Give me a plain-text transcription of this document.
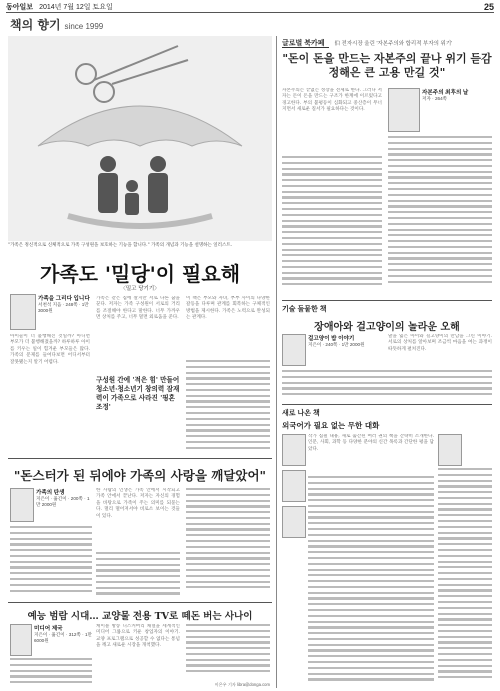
동아일보 2014년 7월 12일 토요일	25
책의 향기 since 1999
"가족은 정신적으로 신체적으로 가족 구성원을 보호하는 기능을 합니다." 가족의 개념과 기능을 설명하는 일러스트.
가족도 '밀당'이 필요해
〈밀고 당기기〉
가족을 그리다 입니다
서천석 지음 · 248쪽 · 1만 3000원
아이들이 더 불행해진 것일까? 아니면 부모가 더 불행해졌을까? 하루하루 아이를 키우는 일이 힘겨운 부모들은 많다. 가족의 문제를 들여다보면 어디서부터 잘못됐는지 알기 어렵다.
가족은 같은 집에 살지만 서로 다른 꿈을 꾼다. 저자는 가족 구성원이 서로의 거리를 조절해야 한다고 말한다. 너무 가까우면 상처를 주고, 너무 멀면 외로움을 준다.
이 책은 부모와 자녀, 부부 사이의 다양한 갈등을 다루며 관계를 회복하는 구체적인 방법을 제시한다. 가족은 노력으로 완성되는 관계다.
구성원 간에 '적은 힘' 만들어 청소년·청소년기 창의력 잠재력이 가족으로 사라진 '핑혼 조정'
"돈스터가 된 뒤에야 가족의 사랑을 깨달았어"
가족의 탄생
지은이 · 옮긴이 · 200쪽 · 1만 2000원
한 사람의 인생은 가족 안에서 시작되고 가족 안에서 끝난다. 저자는 자신의 경험을 바탕으로 가족이 주는 의미를 되묻는다. 멀리 떨어져서야 비로소 보이는 것들이 있다.
예능 범람 시대… 교양물 전용 TV로 떼돈 버는 사나이
미디어 제국
지은이 · 옮긴이 · 312쪽 · 1만 6000원
케이블 방송 디스커버리 채널을 세계적인 미디어 그룹으로 키운 창업자의 이야기. 교양 프로그램으로 성공할 수 없다는 통념을 깨고 새로운 시장을 개척했다.
이은우 기자 libra@donga.com
글로벌 북카페 伯 전자시장 울린 '자본주의와 합리적 부자의 위기'
"돈이 돈을 만드는 자본주의 끝나 위기 듣감 정해은 큰 고용 만길 것"
자본주의는 끝없는 성장을 전제로 한다. 그러나 저자는 돈이 돈을 만드는 구조가 한계에 이르렀다고 경고한다. 부의 불평등이 심화되고 중산층이 무너지면서 새로운 질서가 필요하다는 것이다.
자본주의 최후의 날
저자 · 264쪽
기술 둘뭍한 책
장애아와 걸고양이의 놀라운 오해
걸고양이 밥 이야기
지은이 · 240쪽 · 1만 2000원
말을 잃은 아이와 길고양이의 만남을 그린 이야기. 서로의 상처를 알아보며 조금씩 마음을 여는 과정이 따뜻하게 펼쳐진다.
새로 나온 책
외국어가 필요 없는 무한 대화
작가 집필 내용, 새로 출간된 여러 권의 책을 간략히 소개한다. 인문, 사회, 과학 등 다양한 분야의 신간 목록과 간단한 평을 담았다.
